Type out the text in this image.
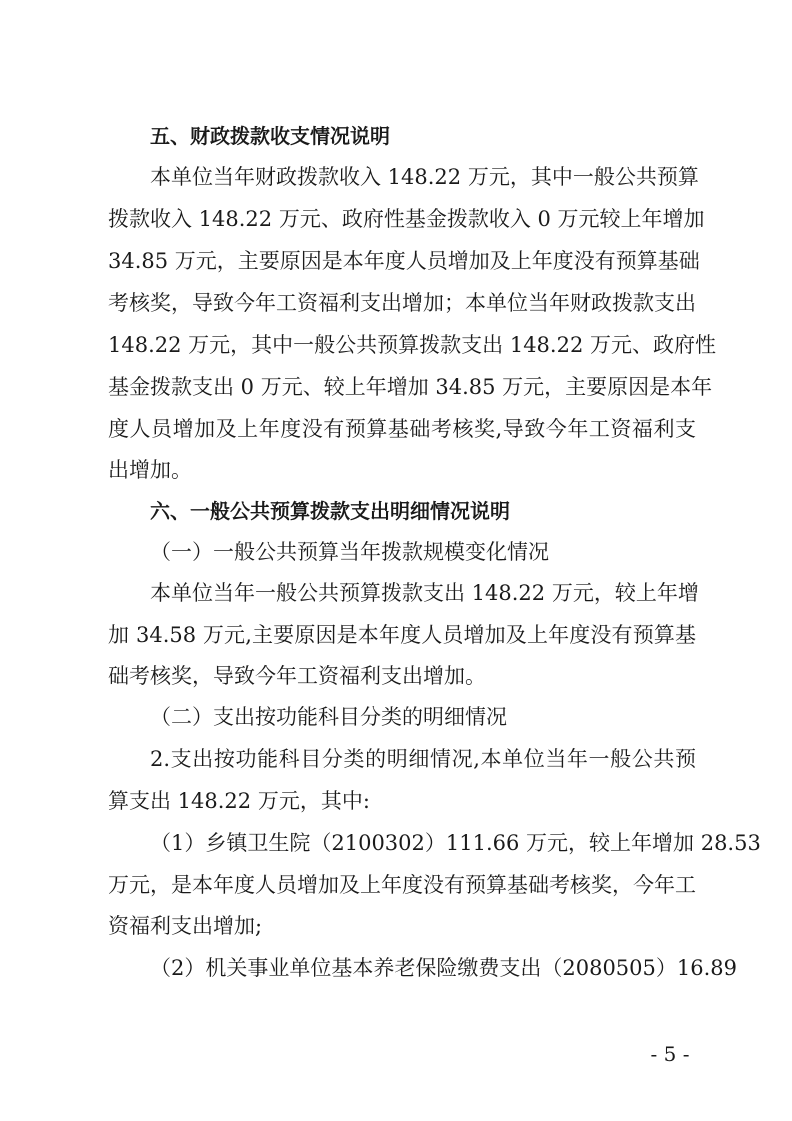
五、财政拨款收支情况说明
本单位当年财政拨款收入 148.22 万元，其中一般公共预算
拨款收入 148.22 万元、政府性基金拨款收入 0 万元较上年增加
34.85 万元，主要原因是本年度人员增加及上年度没有预算基础
考核奖，导致今年工资福利支出增加；本单位当年财政拨款支出
148.22 万元，其中一般公共预算拨款支出 148.22 万元、政府性
基金拨款支出 0 万元、较上年增加 34.85 万元，主要原因是本年
度人员增加及上年度没有预算基础考核奖,导致今年工资福利支
出增加。
六、一般公共预算拨款支出明细情况说明
（一）一般公共预算当年拨款规模变化情况
本单位当年一般公共预算拨款支出 148.22 万元，较上年增
加 34.58 万元,主要原因是本年度人员增加及上年度没有预算基
础考核奖，导致今年工资福利支出增加。
（二）支出按功能科目分类的明细情况
2.支出按功能科目分类的明细情况,本单位当年一般公共预
算支出 148.22 万元，其中:
（1）乡镇卫生院（2100302）111.66 万元，较上年增加 28.53
万元，是本年度人员增加及上年度没有预算基础考核奖，今年工
资福利支出增加;
（2）机关事业单位基本养老保险缴费支出（2080505）16.89
- 5 -
